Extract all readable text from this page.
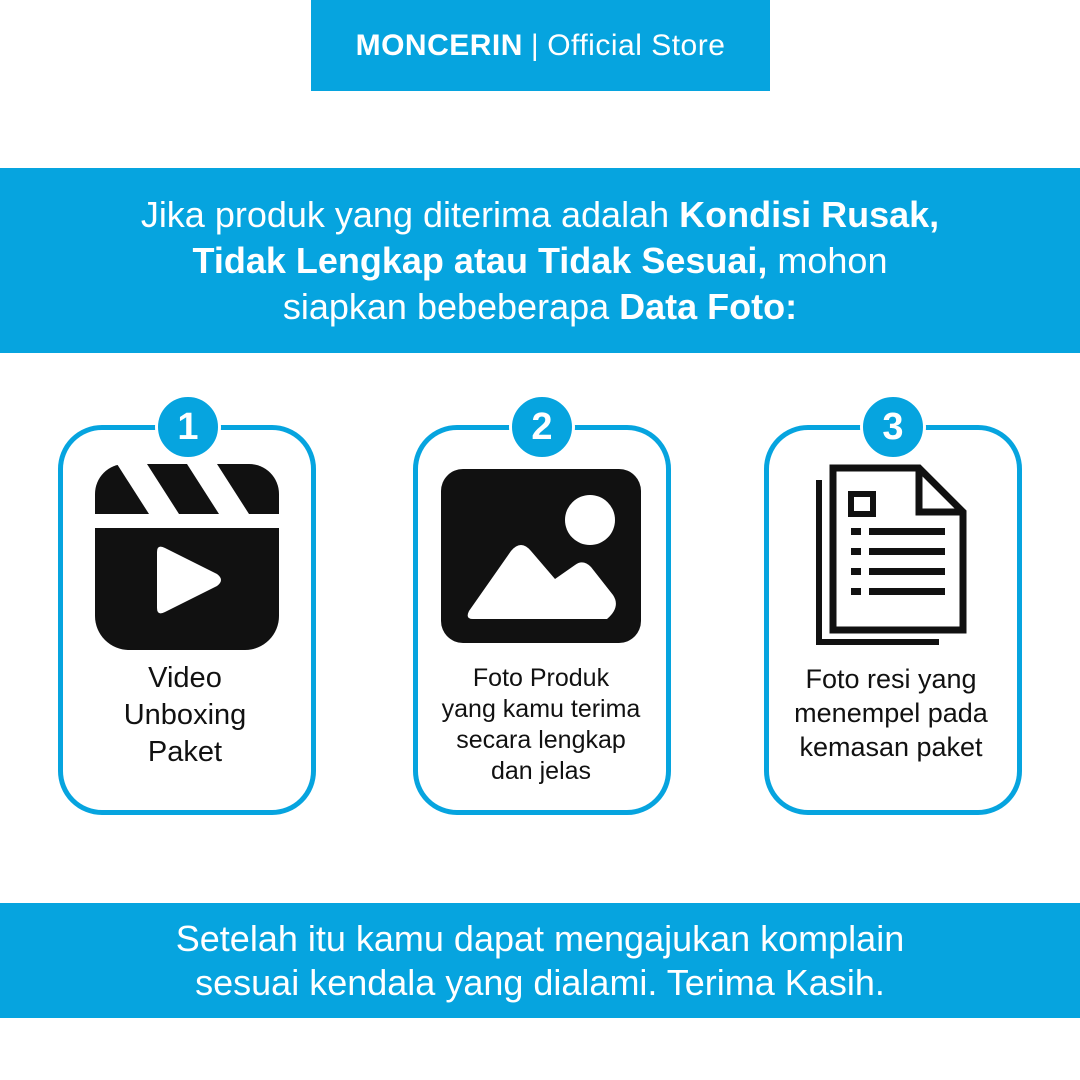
MONCERIN | Official Store
Jika produk yang diterima adalah Kondisi Rusak, Tidak Lengkap atau Tidak Sesuai, mohon siapkan bebeberapa Data Foto:
1
Video
Unboxing
Paket
2
Foto Produk
yang kamu terima
secara lengkap
dan jelas
3
Foto resi yang
menempel pada
kemasan paket
Setelah itu kamu dapat mengajukan komplain
sesuai kendala yang dialami. Terima Kasih.
